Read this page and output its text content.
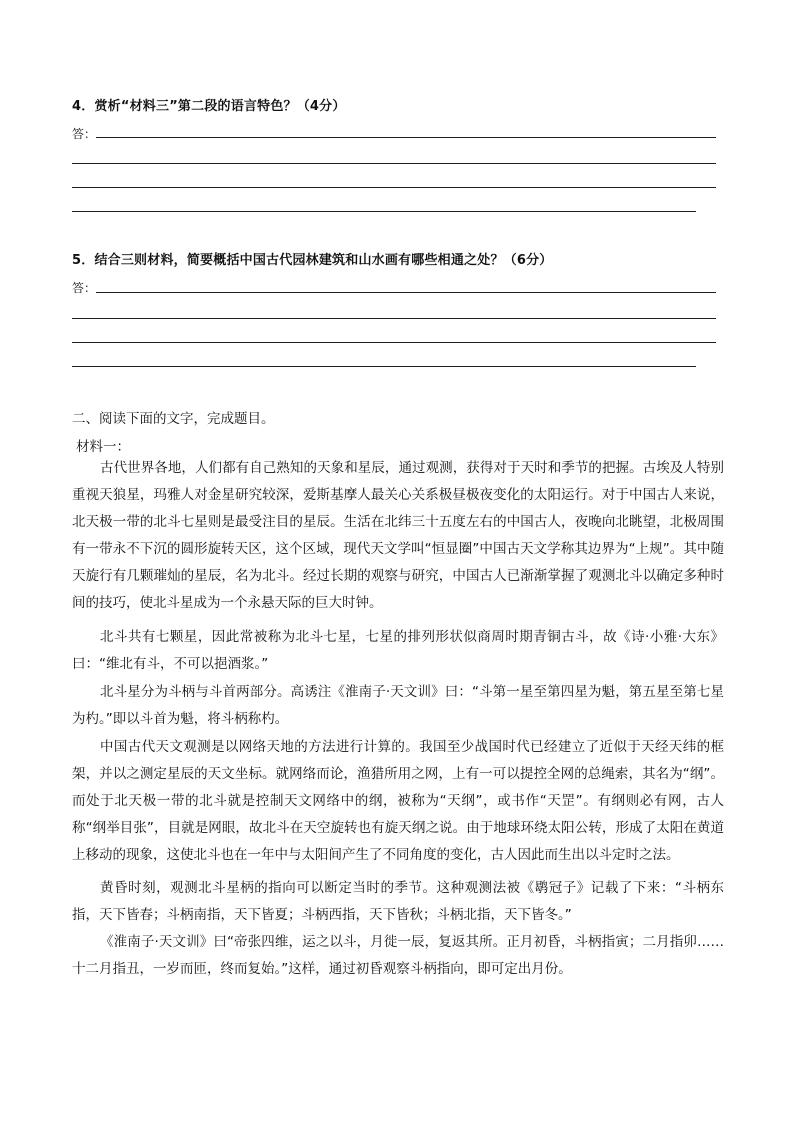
4．赏析“材料三”第二段的语言特色？（4分）
答：
5．结合三则材料，简要概括中国古代园林建筑和山水画有哪些相通之处？（6分）
答：
二、阅读下面的文字，完成题目。
材料一：

古代世界各地，人们都有自己熟知的天象和星辰，通过观测，获得对于天时和季节的把握。古埃及人特别重视天狼星，玛雅人对金星研究较深，爱斯基摩人最关心关系极昼极夜变化的太阳运行。对于中国古人来说，北天极一带的北斗七星则是最受注目的星辰。生活在北纬三十五度左右的中国古人，夜晚向北眺望，北极周围有一带永不下沉的圆形旋转天区，这个区域，现代天文学叫“恒显圈”中国古天文学称其边界为“上规”。其中随天旋行有几颗璀灿的星辰，名为北斗。经过长期的观察与研究，中国古人已渐渐掌握了观测北斗以确定多种时间的技巧，使北斗星成为一个永悬天际的巨大时钟。

北斗共有七颗星，因此常被称为北斗七星，七星的排列形状似商周时期青铜古斗，故《诗·小雅·大东》曰：“维北有斗，不可以挹酒浆。”

北斗星分为斗柄与斗首两部分。高诱注《淮南子·天文训》曰：“斗第一星至第四星为魁，第五星至第七星为杓。”即以斗首为魁，将斗柄称杓。

中国古代天文观测是以网络天地的方法进行计算的。我国至少战国时代已经建立了近似于天经天纬的框架，并以之测定星辰的天文坐标。就网络而论，渔猎所用之网，上有一可以提控全网的总绳索，其名为“纲”。而处于北天极一带的北斗就是控制天文网络中的纲，被称为“天纲”，或书作“天罡”。有纲则必有网，古人称“纲举目张”，目就是网眼，故北斗在天空旋转也有旋天纲之说。由于地球环绕太阳公转，形成了太阳在黄道上移动的现象，这使北斗也在一年中与太阳间产生了不同角度的变化，古人因此而生出以斗定时之法。

黄昏时刻，观测北斗星柄的指向可以断定当时的季节。这种观测法被《鹖冠子》记载了下来：“斗柄东指，天下皆春；斗柄南指，天下皆夏；斗柄西指，天下皆秋；斗柄北指，天下皆冬。”

《淮南子·天文训》曰“帝张四维，运之以斗，月徙一辰，复返其所。正月初昏，斗柄指寅；二月指卯……十二月指丑，一岁而匝，终而复始。”这样，通过初昏观察斗柄指向，即可定出月份。
